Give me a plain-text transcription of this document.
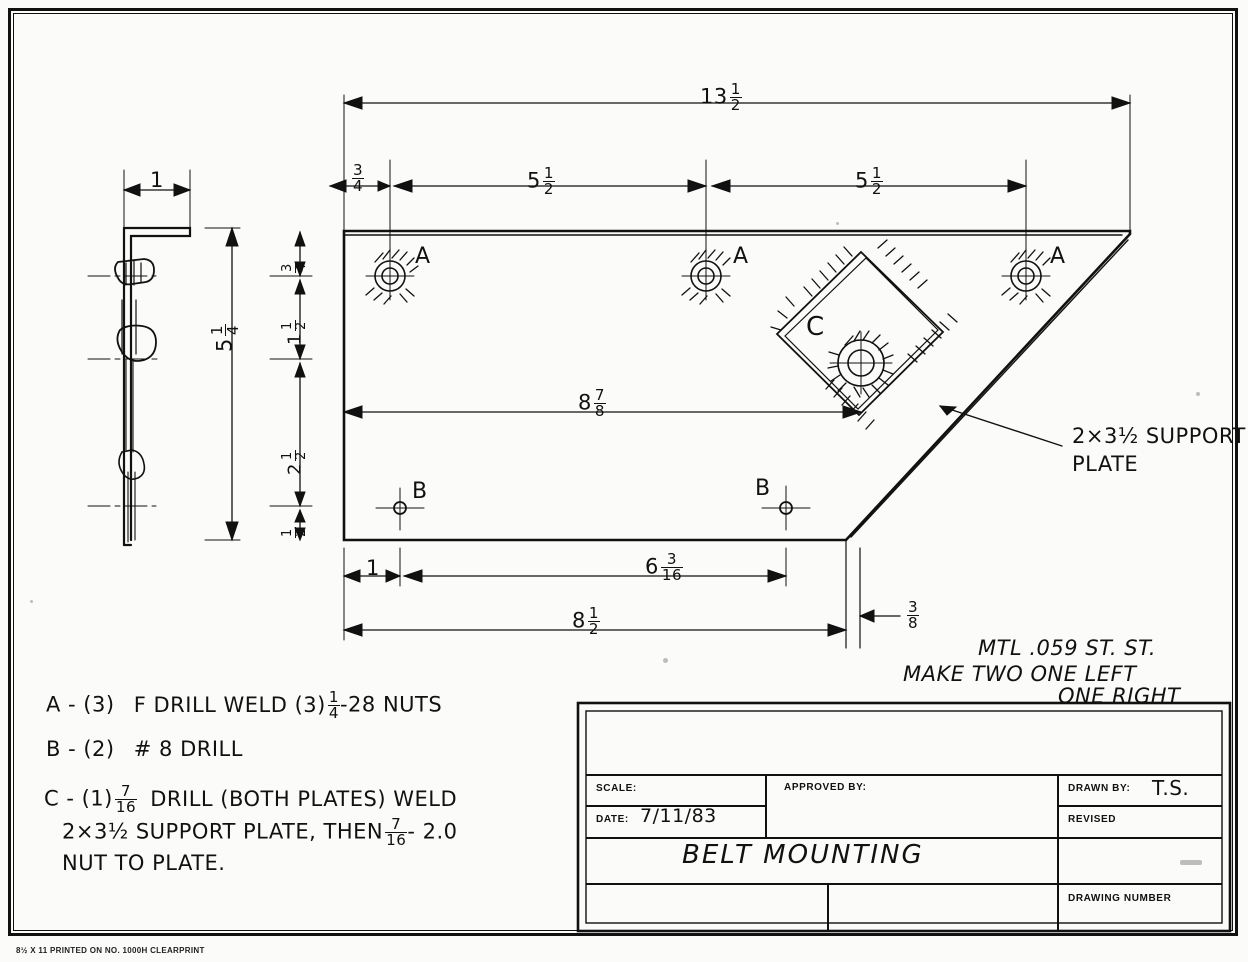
$13 \frac{1}{2}$
$\frac{3}{4}$	$5 \frac{1}{2}$	$5 \frac{1}{2}$
1
5
1
4
3
4
1
1
2
2
1
2
1
2
$8 \frac{7}{8}$
1	$6 \frac{3}{16}$
$8 \frac{1}{2}$	$\frac{3}{8}$
A	A	A
B	B
C
2×3½ SUPPORT
PLATE
MTL .059 ST. ST.
MAKE TWO ONE LEFT
ONE RIGHT
A - (3) F DRILL WELD $(3) \frac{1}{4} -28$ NUTS
B - (2) # 8 DRILL
C - $(1) \frac{7}{16}$ DRILL (BOTH PLATES) WELD
2×3½ SUPPORT PLATE, THEN $\frac{7}{16} - 2.0$
NUT TO PLATE.
SCALE:
DATE: 7/11/83
APPROVED BY:	DRAWN BY: T.S.
REVISED
BELT MOUNTING
DRAWING NUMBER
8½ X 11 PRINTED ON NO. 1000H CLEARPRINT
